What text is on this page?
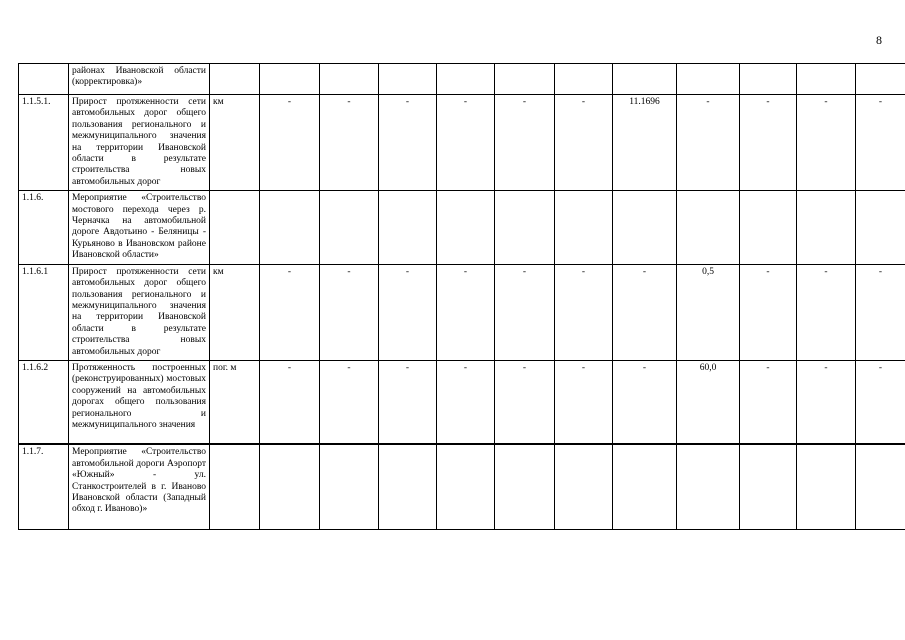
8
	районах Ивановской области (корректировка)»												
1.1.5.1.	Прирост протяженности сети автомобильных дорог общего пользования регионального и межмуниципального значения на территории Ивановской области в результате строительства новых автомобильных дорог	км	-	-	-	-	-	-	11.1696	-	-	-	-
1.1.6.	Мероприятие «Строительство мостового перехода через р. Черначка на автомобильной дороге Авдотьино - Беляницы - Курьяново в Ивановском районе Ивановской области»												
1.1.6.1	Прирост протяженности сети автомобильных дорог общего пользования регионального и межмуниципального значения на территории Ивановской области в результате строительства новых автомобильных дорог	км	-	-	-	-	-	-	-	0,5	-	-	-
1.1.6.2	Протяженность построенных (реконструированных) мостовых сооружений на автомобильных дорогах общего пользования регионального и межмуниципального значения	пог. м	-	-	-	-	-	-	-	60,0	-	-	-
1.1.7.	Мероприятие «Строительство автомобильной дороги Аэропорт «Южный» - ул. Станкостроителей в г. Иваново Ивановской области (Западный обход г. Иваново)»												
